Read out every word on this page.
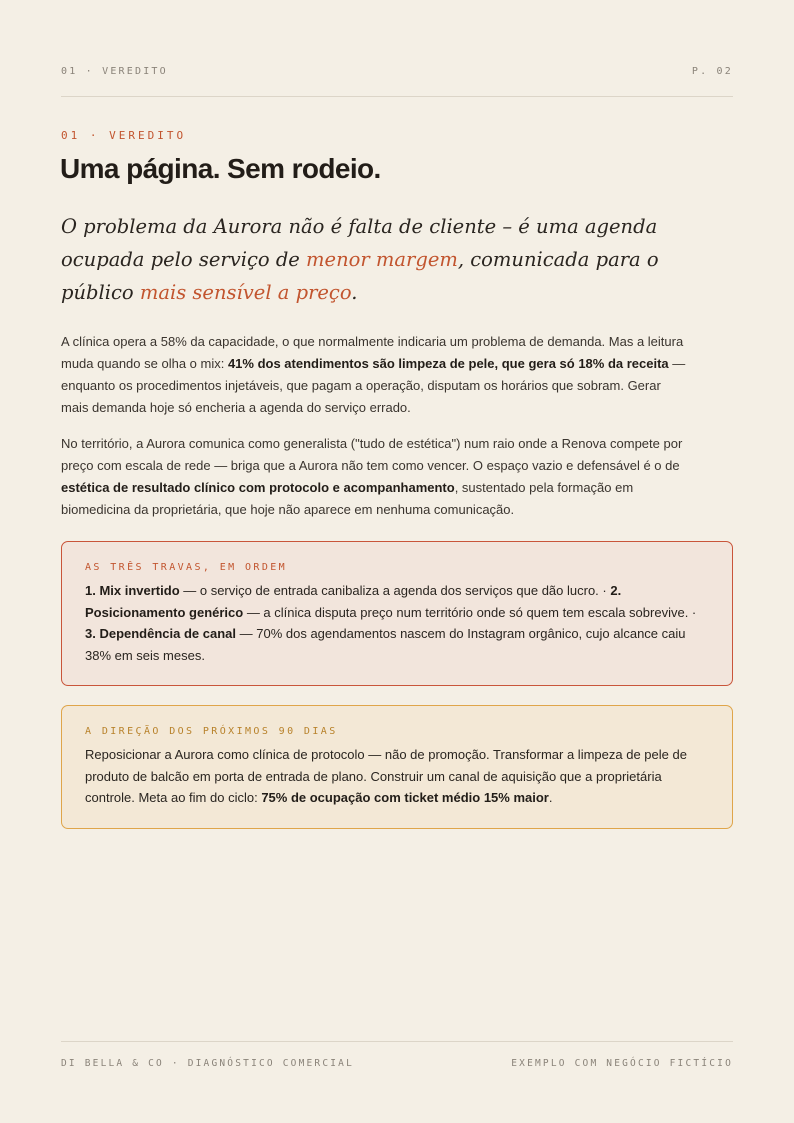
01 · VEREDITO	P. 02
01 · VEREDITO
Uma página. Sem rodeio.

O problema da Aurora não é falta de cliente – é uma agenda ocupada pelo serviço de menor margem, comunicada para o público mais sensível a preço.

A clínica opera a 58% da capacidade, o que normalmente indicaria um problema de demanda. Mas a leitura muda quando se olha o mix: 41% dos atendimentos são limpeza de pele, que gera só 18% da receita — enquanto os procedimentos injetáveis, que pagam a operação, disputam os horários que sobram. Gerar mais demanda hoje só encheria a agenda do serviço errado.

No território, a Aurora comunica como generalista ("tudo de estética") num raio onde a Renova compete por preço com escala de rede — briga que a Aurora não tem como vencer. O espaço vazio e defensável é o de estética de resultado clínico com protocolo e acompanhamento, sustentado pela formação em biomedicina da proprietária, que hoje não aparece em nenhuma comunicação.

AS TRÊS TRAVAS, EM ORDEM

1. Mix invertido — o serviço de entrada canibaliza a agenda dos serviços que dão lucro. · 2. Posicionamento genérico — a clínica disputa preço num território onde só quem tem escala sobrevive. · 3. Dependência de canal — 70% dos agendamentos nascem do Instagram orgânico, cujo alcance caiu 38% em seis meses.

A DIREÇÃO DOS PRÓXIMOS 90 DIAS

Reposicionar a Aurora como clínica de protocolo — não de promoção. Transformar a limpeza de pele de produto de balcão em porta de entrada de plano. Construir um canal de aquisição que a proprietária controle. Meta ao fim do ciclo: 75% de ocupação com ticket médio 15% maior.

DI BELLA & CO · DIAGNÓSTICO COMERCIAL	EXEMPLO COM NEGÓCIO FICTÍCIO
